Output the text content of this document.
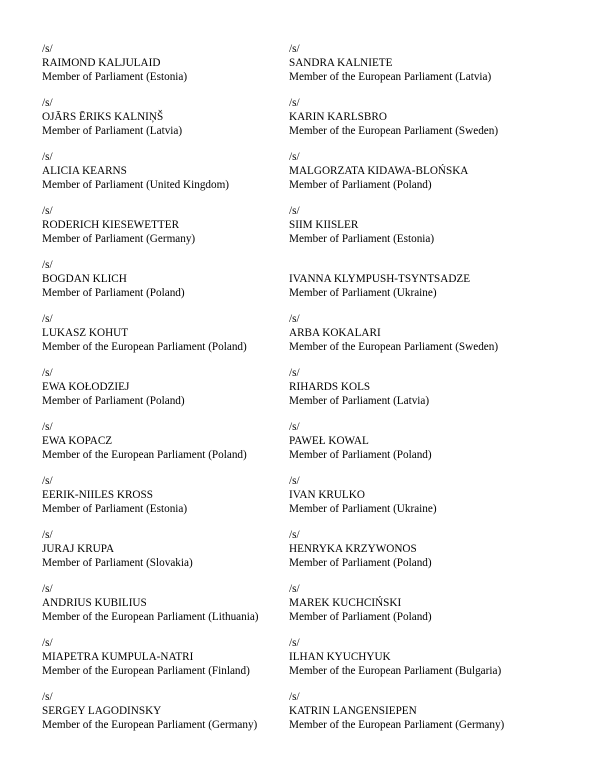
/s/
RAIMOND KALJULAID
Member of Parliament (Estonia)
/s/
OJĀRS ĒRIKS KALNIŅŠ
Member of Parliament (Latvia)
/s/
ALICIA KEARNS
Member of Parliament (United Kingdom)
/s/
RODERICH KIESEWETTER
Member of Parliament (Germany)
/s/
BOGDAN KLICH
Member of Parliament (Poland)
/s/
LUKASZ KOHUT
Member of the European Parliament (Poland)
/s/
EWA KOŁODZIEJ
Member of Parliament (Poland)
/s/
EWA KOPACZ
Member of the European Parliament (Poland)
/s/
EERIK-NIILES KROSS
Member of Parliament (Estonia)
/s/
JURAJ KRUPA
Member of Parliament (Slovakia)
/s/
ANDRIUS KUBILIUS
Member of the European Parliament (Lithuania)
/s/
MIAPETRA KUMPULA-NATRI
Member of the European Parliament (Finland)
/s/
SERGEY LAGODINSKY
Member of the European Parliament (Germany)
/s/
SANDRA KALNIETE
Member of the European Parliament (Latvia)
/s/
KARIN KARLSBRO
Member of the European Parliament (Sweden)
/s/
MALGORZATA KIDAWA-BLOŃSKA
Member of Parliament (Poland)
/s/
SIIM KIISLER
Member of Parliament (Estonia)
IVANNA KLYMPUSH-TSYNTSADZE
Member of Parliament (Ukraine)
/s/
ARBA KOKALARI
Member of the European Parliament (Sweden)
/s/
RIHARDS KOLS
Member of Parliament (Latvia)
/s/
PAWEŁ KOWAL
Member of Parliament (Poland)
/s/
IVAN KRULKO
Member of Parliament (Ukraine)
/s/
HENRYKA KRZYWONOS
Member of Parliament (Poland)
/s/
MAREK KUCHCIŃSKI
Member of Parliament (Poland)
/s/
ILHAN KYUCHYUK
Member of the European Parliament (Bulgaria)
/s/
KATRIN LANGENSIEPEN
Member of the European Parliament (Germany)
